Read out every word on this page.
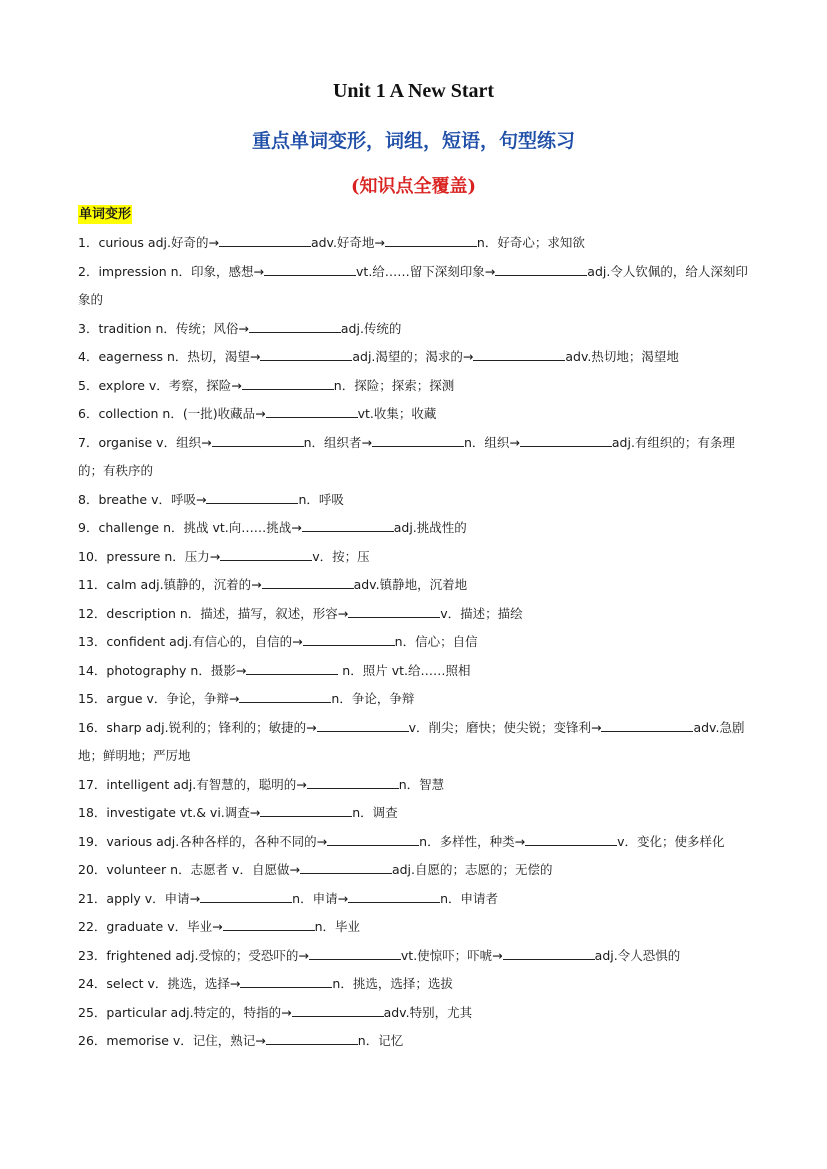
Unit 1 A New Start
重点单词变形，词组，短语，句型练习
(知识点全覆盖)
单词变形
1．curious adj.好奇的→	adv.好奇地→	n．好奇心；求知欲
2．impression n．印象，感想→	vt.给……留下深刻印象→	adj.令人钦佩的，给人深刻印象的
3．tradition n．传统；风俗→	adj.传统的
4．eagerness n．热切，渴望→	adj.渴望的；渴求的→	adv.热切地；渴望地
5．explore v．考察，探险→	n．探险；探索；探测
6．collection n．(一批)收藏品→	vt.收集；收藏
7．organise v．组织→	n．组织者→	n．组织→	adj.有组织的；有条理的；有秩序的
8．breathe v．呼吸→	n．呼吸
9．challenge n．挑战 vt.向……挑战→	adj.挑战性的
10．pressure n．压力→	v．按；压
11．calm adj.镇静的，沉着的→	adv.镇静地，沉着地
12．description n．描述，描写，叙述，形容→	v．描述；描绘
13．confident adj.有信心的，自信的→	n．信心；自信
14．photography n．摄影→	n．照片 vt.给……照相
15．argue v．争论，争辩→	n．争论，争辩
16．sharp adj.锐利的；锋利的；敏捷的→	v．削尖；磨快；使尖锐；变锋利→	adv.急剧地；鲜明地；严厉地
17．intelligent adj.有智慧的，聪明的→	n．智慧
18．investigate vt.& vi.调查→	n．调查
19．various adj.各种各样的，各种不同的→	n．多样性，种类→	v．变化；使多样化
20．volunteer n．志愿者 v．自愿做→	adj.自愿的；志愿的；无偿的
21．apply v．申请→	n．申请→	n．申请者
22．graduate v．毕业→	n．毕业
23．frightened adj.受惊的；受恐吓的→	vt.使惊吓；吓唬→	adj.令人恐惧的
24．select v．挑选，选择→	n．挑选，选择；选拔
25．particular adj.特定的，特指的→	adv.特别，尤其
26．memorise v．记住，熟记→	n．记忆
